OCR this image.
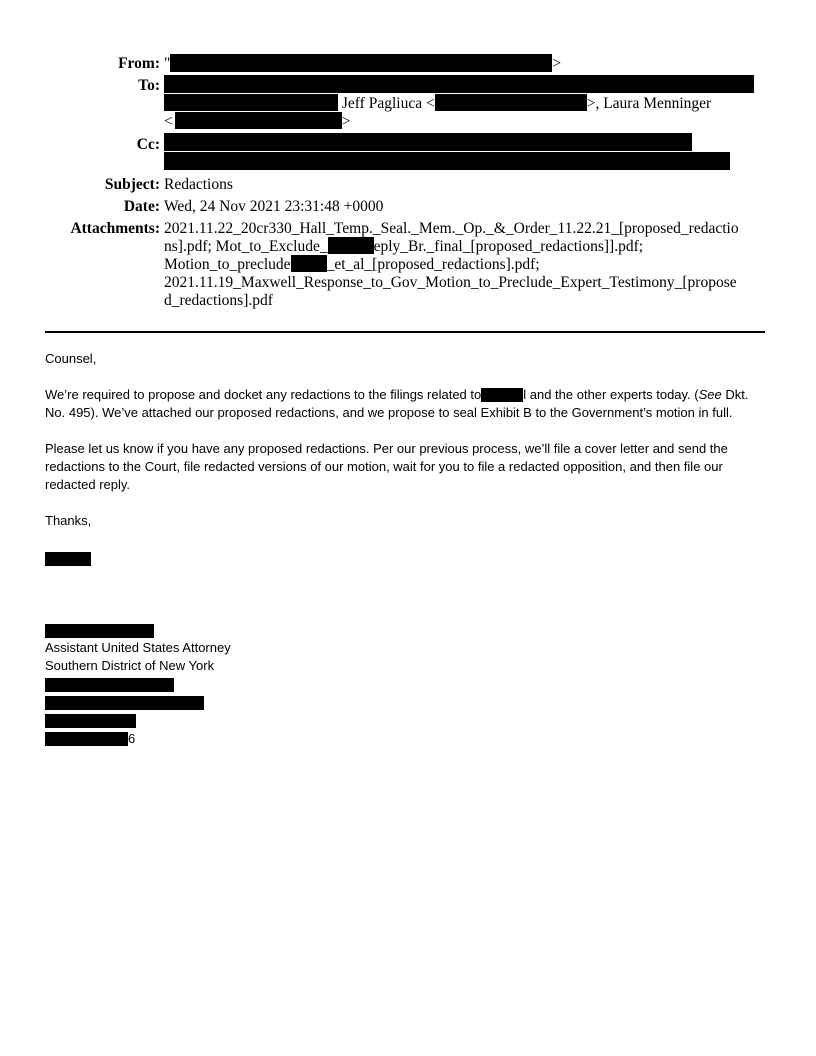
From: "	>
To:
Jeff Pagliuca <	>, Laura Menninger
<	>
Cc:
Subject: Redactions
Date: Wed, 24 Nov 2021 23:31:48 +0000
Attachments: 2021.11.22_20cr330_Hall_Temp._Seal._Mem._Op._&_Order_11.22.21_[proposed_redactio
ns].pdf; Mot_to_Exclude_	eply_Br._final_[proposed_redactions]].pdf;
Motion_to_preclude _et_al_[proposed_redactions].pdf;
2021.11.19_Maxwell_Response_to_Gov_Motion_to_Preclude_Expert_Testimony_[propose
d_redactions].pdf

Counsel,

We’re required to propose and docket any redactions to the filings related to	l and the other experts today. (See Dkt. No. 495). We’ve attached our proposed redactions, and we propose to seal Exhibit B to the Government’s motion in full.

Please let us know if you have any proposed redactions. Per our previous process, we’ll file a cover letter and send the redactions to the Court, file redacted versions of our motion, wait for you to file a redacted opposition, and then file our redacted reply.

Thanks,

Assistant United States Attorney
Southern District of New York
6
